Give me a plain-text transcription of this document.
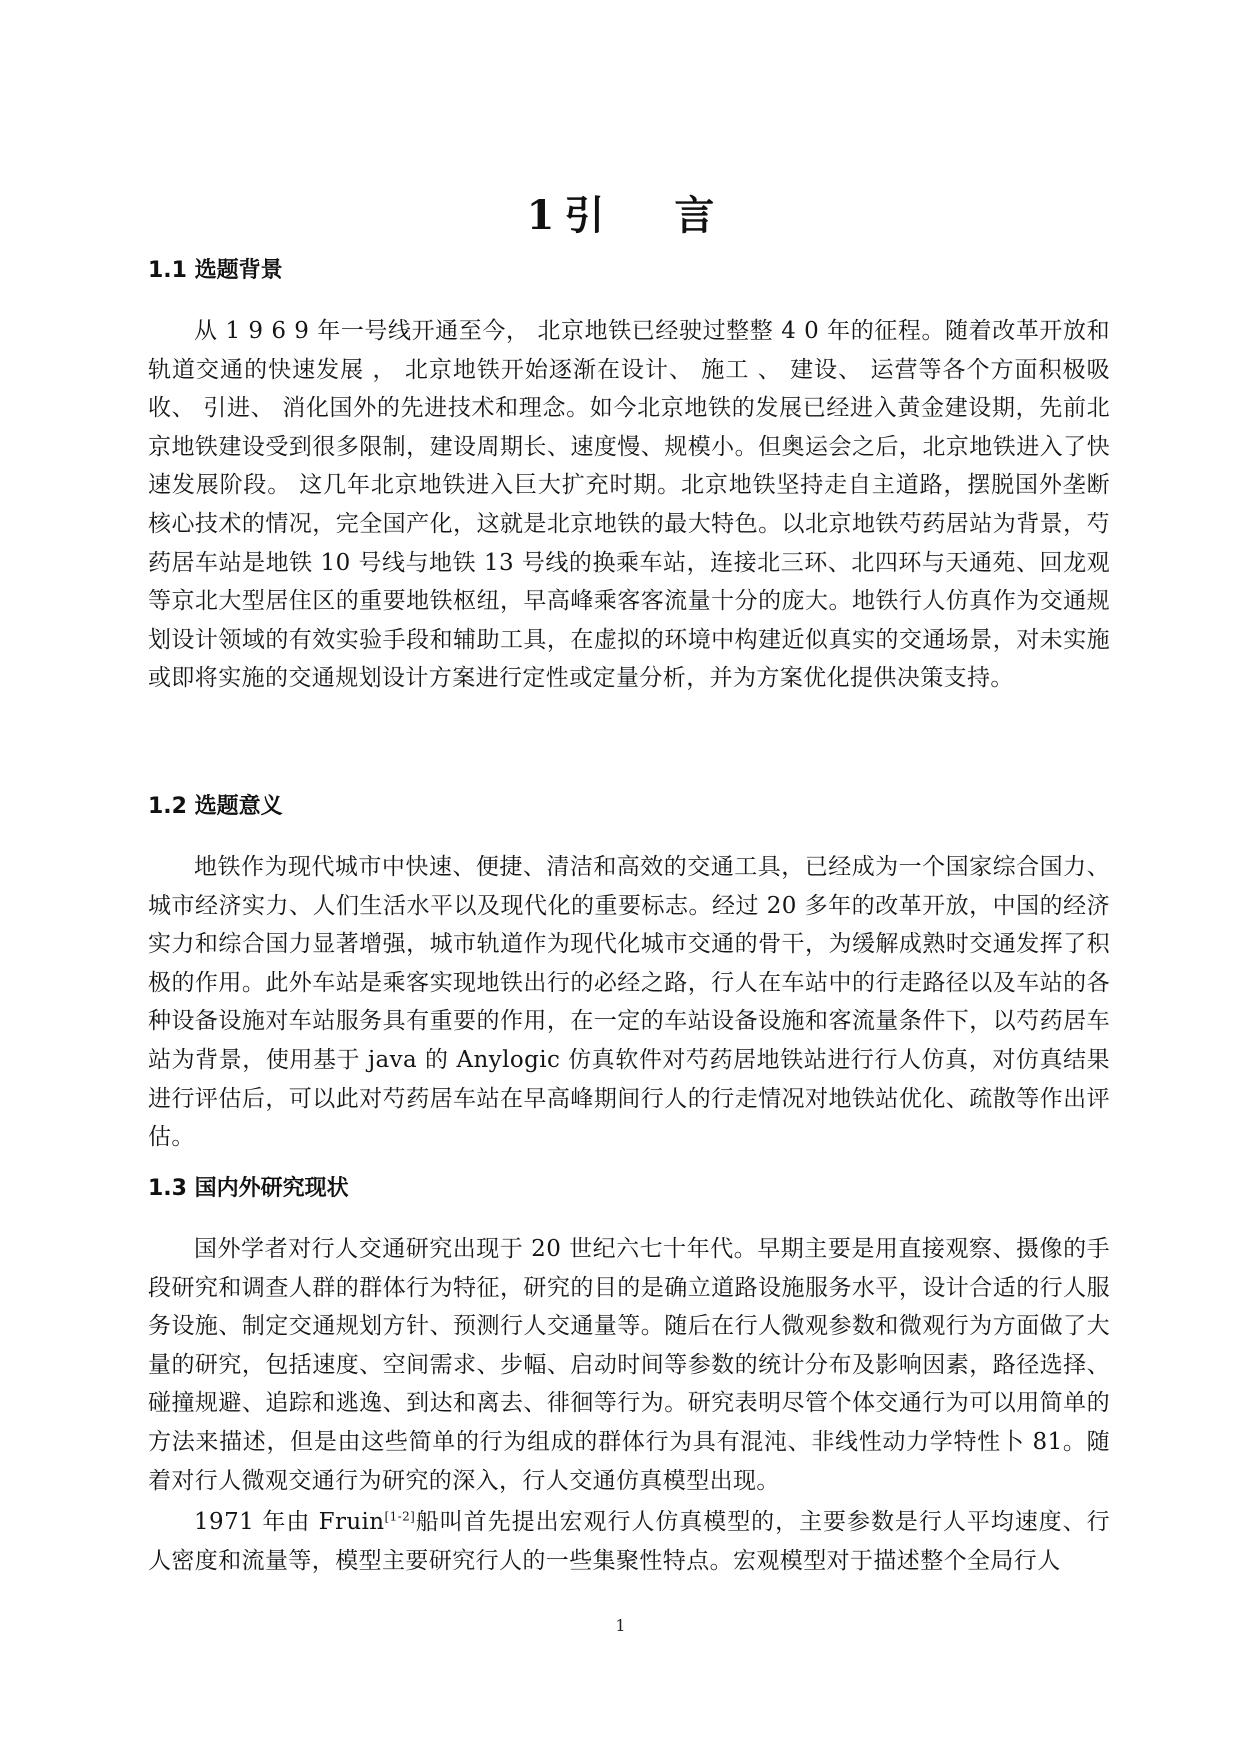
1 引 言
1.1 选题背景

从 1 9 6 9 年一号线开通至今， 北京地铁已经驶过整整 4 0 年的征程。随着改革开放和轨道交通的快速发展 ， 北京地铁开始逐渐在设计、 施工 、 建设、 运营等各个方面积极吸收、 引进、 消化国外的先进技术和理念。如今北京地铁的发展已经进入黄金建设期，先前北京地铁建设受到很多限制，建设周期长、速度慢、规模小。但奥运会之后，北京地铁进入了快速发展阶段。 这几年北京地铁进入巨大扩充时期。北京地铁坚持走自主道路，摆脱国外垄断核心技术的情况，完全国产化，这就是北京地铁的最大特色。以北京地铁芍药居站为背景，芍药居车站是地铁 10 号线与地铁 13 号线的换乘车站，连接北三环、北四环与天通苑、回龙观等京北大型居住区的重要地铁枢纽，早高峰乘客客流量十分的庞大。地铁行人仿真作为交通规划设计领域的有效实验手段和辅助工具，在虚拟的环境中构建近似真实的交通场景，对未实施或即将实施的交通规划设计方案进行定性或定量分析，并为方案优化提供决策支持。

1.2 选题意义

地铁作为现代城市中快速、便捷、清洁和高效的交通工具，已经成为一个国家综合国力、城市经济实力、人们生活水平以及现代化的重要标志。经过 20 多年的改革开放，中国的经济实力和综合国力显著增强，城市轨道作为现代化城市交通的骨干，为缓解成熟时交通发挥了积极的作用。此外车站是乘客实现地铁出行的必经之路，行人在车站中的行走路径以及车站的各种设备设施对车站服务具有重要的作用，在一定的车站设备设施和客流量条件下，以芍药居车站为背景，使用基于 java 的 Anylogic 仿真软件对芍药居地铁站进行行人仿真，对仿真结果进行评估后，可以此对芍药居车站在早高峰期间行人的行走情况对地铁站优化、疏散等作出评估。

1.3 国内外研究现状

国外学者对行人交通研究出现于 20 世纪六七十年代。早期主要是用直接观察、摄像的手段研究和调查人群的群体行为特征，研究的目的是确立道路设施服务水平，设计合适的行人服务设施、制定交通规划方针、预测行人交通量等。随后在行人微观参数和微观行为方面做了大量的研究，包括速度、空间需求、步幅、启动时间等参数的统计分布及影响因素，路径选择、碰撞规避、追踪和逃逸、到达和离去、徘徊等行为。研究表明尽管个体交通行为可以用简单的方法来描述，但是由这些简单的行为组成的群体行为具有混沌、非线性动力学特性卜 81。随着对行人微观交通行为研究的深入，行人交通仿真模型出现。

1971 年由 Fruin[1-2]船叫首先提出宏观行人仿真模型的，主要参数是行人平均速度、行人密度和流量等，模型主要研究行人的一些集聚性特点。宏观模型对于描述整个全局行人

1
